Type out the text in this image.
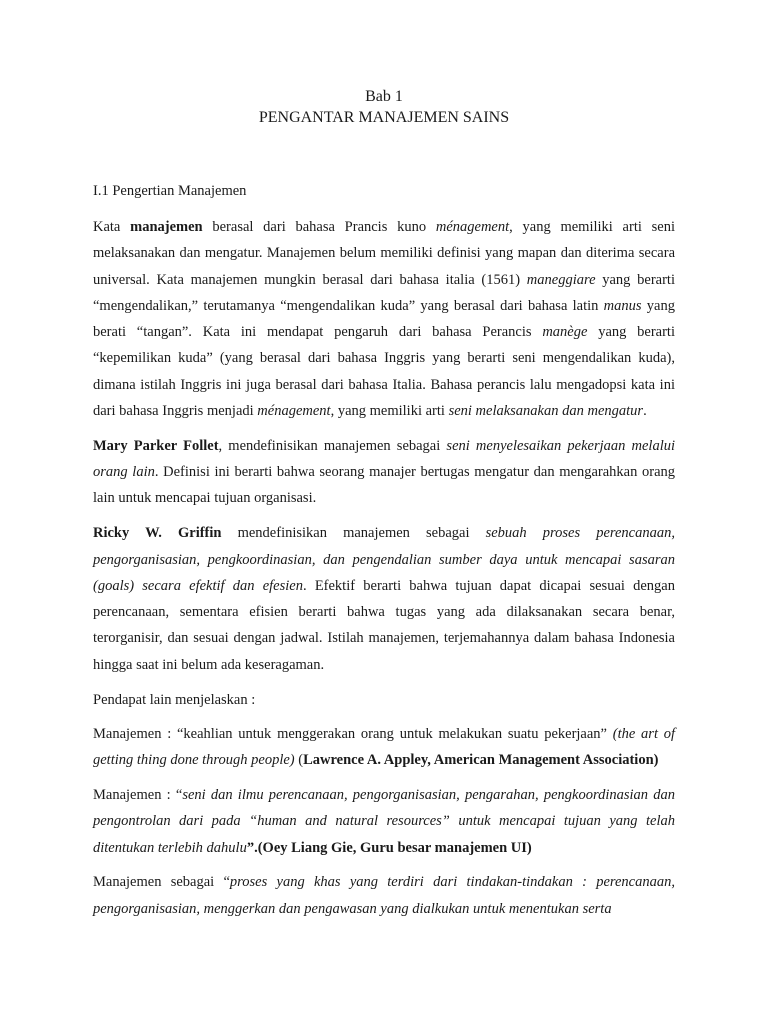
Bab 1
PENGANTAR MANAJEMEN SAINS
I.1 Pengertian Manajemen

Kata manajemen berasal dari bahasa Prancis kuno ménagement, yang memiliki arti seni melaksanakan dan mengatur. Manajemen belum memiliki definisi yang mapan dan diterima secara universal. Kata manajemen mungkin berasal dari bahasa italia (1561) maneggiare yang berarti “mengendalikan,” terutamanya “mengendalikan kuda” yang berasal dari bahasa latin manus yang berati “tangan”. Kata ini mendapat pengaruh dari bahasa Perancis manège yang berarti “kepemilikan kuda” (yang berasal dari bahasa Inggris yang berarti seni mengendalikan kuda), dimana istilah Inggris ini juga berasal dari bahasa Italia. Bahasa perancis lalu mengadopsi kata ini dari bahasa Inggris menjadi ménagement, yang memiliki arti seni melaksanakan dan mengatur.

Mary Parker Follet, mendefinisikan manajemen sebagai seni menyelesaikan pekerjaan melalui orang lain. Definisi ini berarti bahwa seorang manajer bertugas mengatur dan mengarahkan orang lain untuk mencapai tujuan organisasi.

Ricky W. Griffin mendefinisikan manajemen sebagai sebuah proses perencanaan, pengorganisasian, pengkoordinasian, dan pengendalian sumber daya untuk mencapai sasaran (goals) secara efektif dan efesien. Efektif berarti bahwa tujuan dapat dicapai sesuai dengan perencanaan, sementara efisien berarti bahwa tugas yang ada dilaksanakan secara benar, terorganisir, dan sesuai dengan jadwal. Istilah manajemen, terjemahannya dalam bahasa Indonesia hingga saat ini belum ada keseragaman.

Pendapat lain menjelaskan :

Manajemen : “keahlian untuk menggerakan orang untuk melakukan suatu pekerjaan” (the art of getting thing done through people) (Lawrence A. Appley, American Management Association)

Manajemen : “seni dan ilmu perencanaan, pengorganisasian, pengarahan, pengkoordinasian dan pengontrolan dari pada “human and natural resources” untuk mencapai tujuan yang telah ditentukan terlebih dahulu”.(Oey Liang Gie, Guru besar manajemen UI)

Manajemen sebagai “proses yang khas yang terdiri dari tindakan-tindakan : perencanaan, pengorganisasian, menggerkan dan pengawasan yang dialkukan untuk menentukan serta
